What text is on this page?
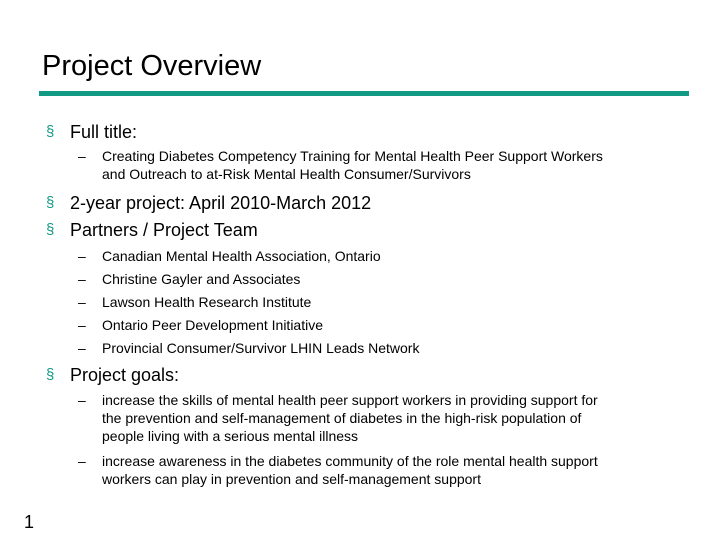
Project Overview
§ Full title:
– Creating Diabetes Competency Training for Mental Health Peer Support Workers
and Outreach to at-Risk Mental Health Consumer/Survivors
§ 2-year project: April 2010-March 2012
§ Partners / Project Team
– Canadian Mental Health Association, Ontario
– Christine Gayler and Associates
– Lawson Health Research Institute
– Ontario Peer Development Initiative
– Provincial Consumer/Survivor LHIN Leads Network
§ Project goals:
– increase the skills of mental health peer support workers in providing support for
the prevention and self-management of diabetes in the high-risk population of
people living with a serious mental illness
– increase awareness in the diabetes community of the role mental health support
workers can play in prevention and self-management support
1
